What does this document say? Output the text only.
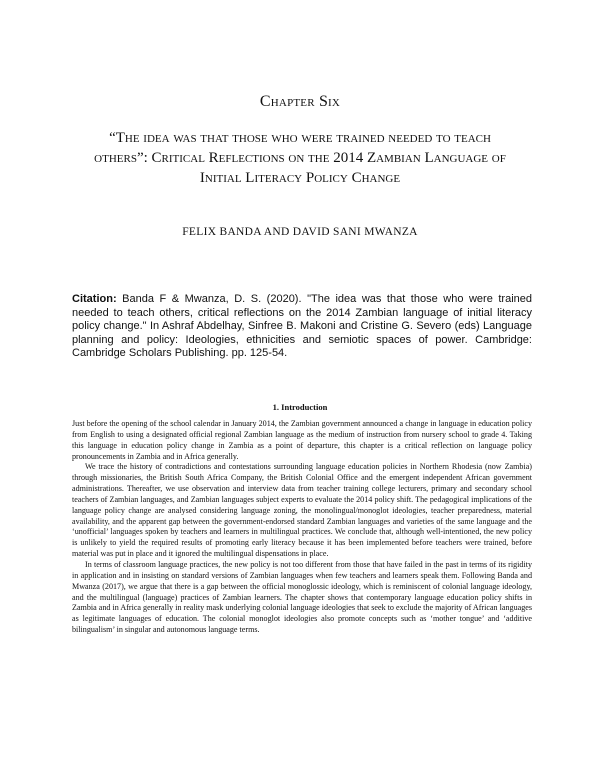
Chapter Six
“The idea was that those who were trained needed to teach others”: Critical Reflections on the 2014 Zambian Language of Initial Literacy Policy Change
FELIX BANDA AND DAVID SANI MWANZA
Citation: Banda F & Mwanza, D. S. (2020). "The idea was that those who were trained needed to teach others, critical reflections on the 2014 Zambian language of initial literacy policy change." In Ashraf Abdelhay, Sinfree B. Makoni and Cristine G. Severo (eds) Language planning and policy: Ideologies, ethnicities and semiotic spaces of power. Cambridge: Cambridge Scholars Publishing. pp. 125-54.
1. Introduction

Just before the opening of the school calendar in January 2014, the Zambian government announced a change in language in education policy from English to using a designated official regional Zambian language as the medium of instruction from nursery school to grade 4. Taking this language in education policy change in Zambia as a point of departure, this chapter is a critical reflection on language policy pronouncements in Zambia and in Africa generally.

We trace the history of contradictions and contestations surrounding language education policies in Northern Rhodesia (now Zambia) through missionaries, the British South Africa Company, the British Colonial Office and the emergent independent African government administrations. Thereafter, we use observation and interview data from teacher training college lecturers, primary and secondary school teachers of Zambian languages, and Zambian languages subject experts to evaluate the 2014 policy shift. The pedagogical implications of the language policy change are analysed considering language zoning, the monolingual/monoglot ideologies, teacher preparedness, material availability, and the apparent gap between the government-endorsed standard Zambian languages and varieties of the same language and the ‘unofficial’ languages spoken by teachers and learners in multilingual practices. We conclude that, although well-intentioned, the new policy is unlikely to yield the required results of promoting early literacy because it has been implemented before teachers were trained, before material was put in place and it ignored the multilingual dispensations in place.

In terms of classroom language practices, the new policy is not too different from those that have failed in the past in terms of its rigidity in application and in insisting on standard versions of Zambian languages when few teachers and learners speak them. Following Banda and Mwanza (2017), we argue that there is a gap between the official monoglossic ideology, which is reminiscent of colonial language ideology, and the multilingual (language) practices of Zambian learners. The chapter shows that contemporary language education policy shifts in Zambia and in Africa generally in reality mask underlying colonial language ideologies that seek to exclude the majority of African languages as legitimate languages of education. The colonial monoglot ideologies also promote concepts such as ‘mother tongue’ and ‘additive bilingualism’ in singular and autonomous language terms.
